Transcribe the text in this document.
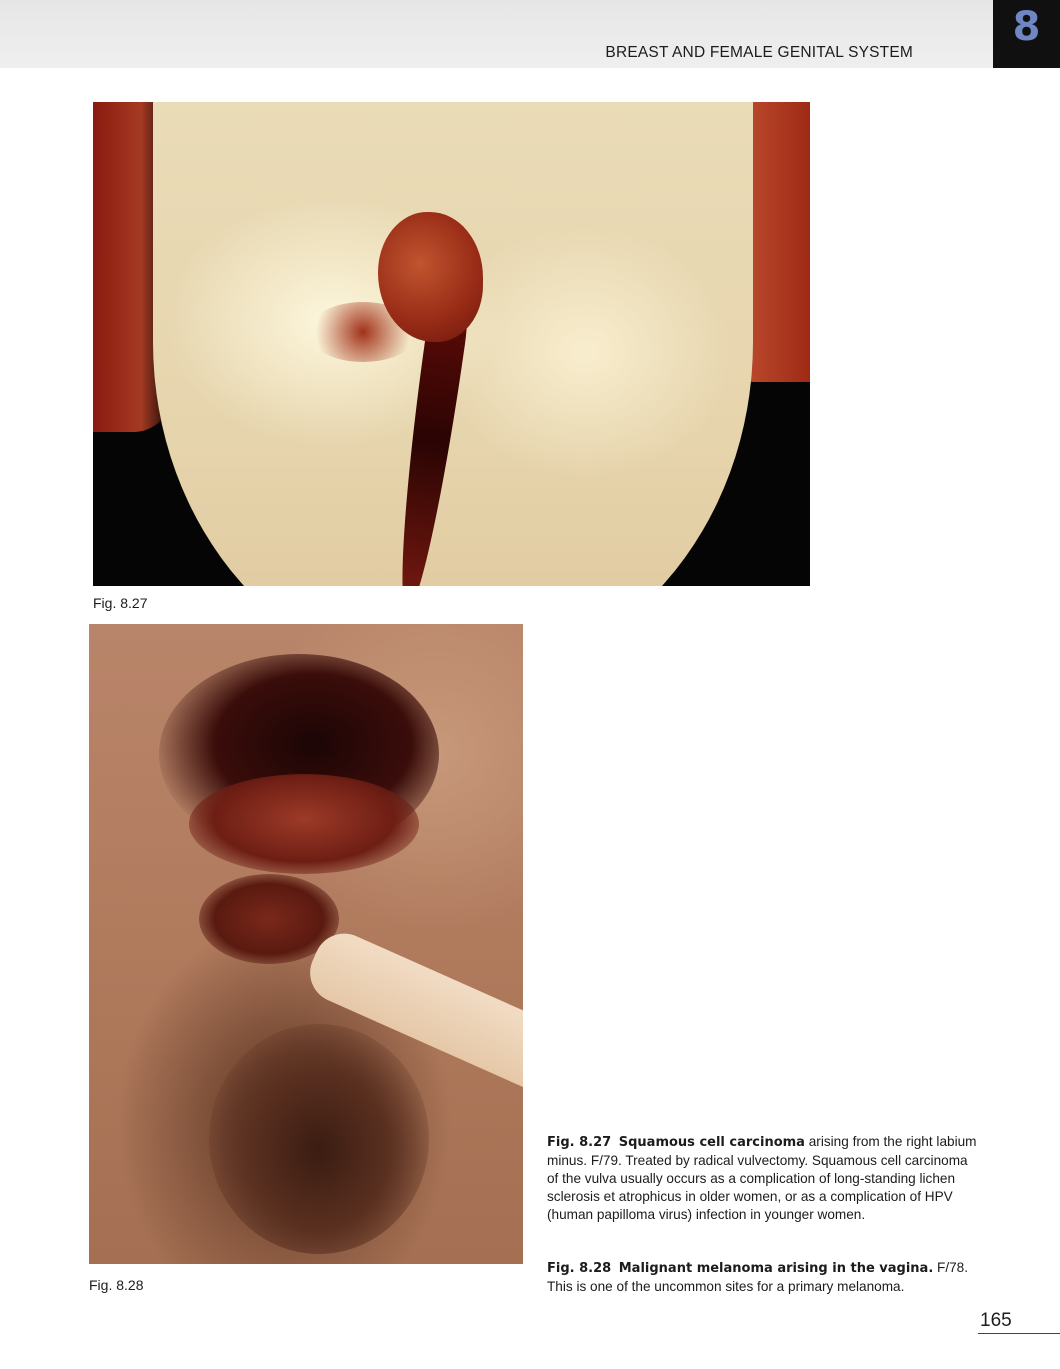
BREAST AND FEMALE GENITAL SYSTEM
8
Fig. 8.27
Fig. 8.28
Fig. 8.27 Squamous cell carcinoma arising from the right labium minus. F/79. Treated by radical vulvectomy. Squamous cell carcinoma of the vulva usually occurs as a complication of long-standing lichen sclerosis et atrophicus in older women, or as a complication of HPV (human papilloma virus) infection in younger women.
Fig. 8.28 Malignant melanoma arising in the vagina. F/78. This is one of the uncommon sites for a primary melanoma.
165
